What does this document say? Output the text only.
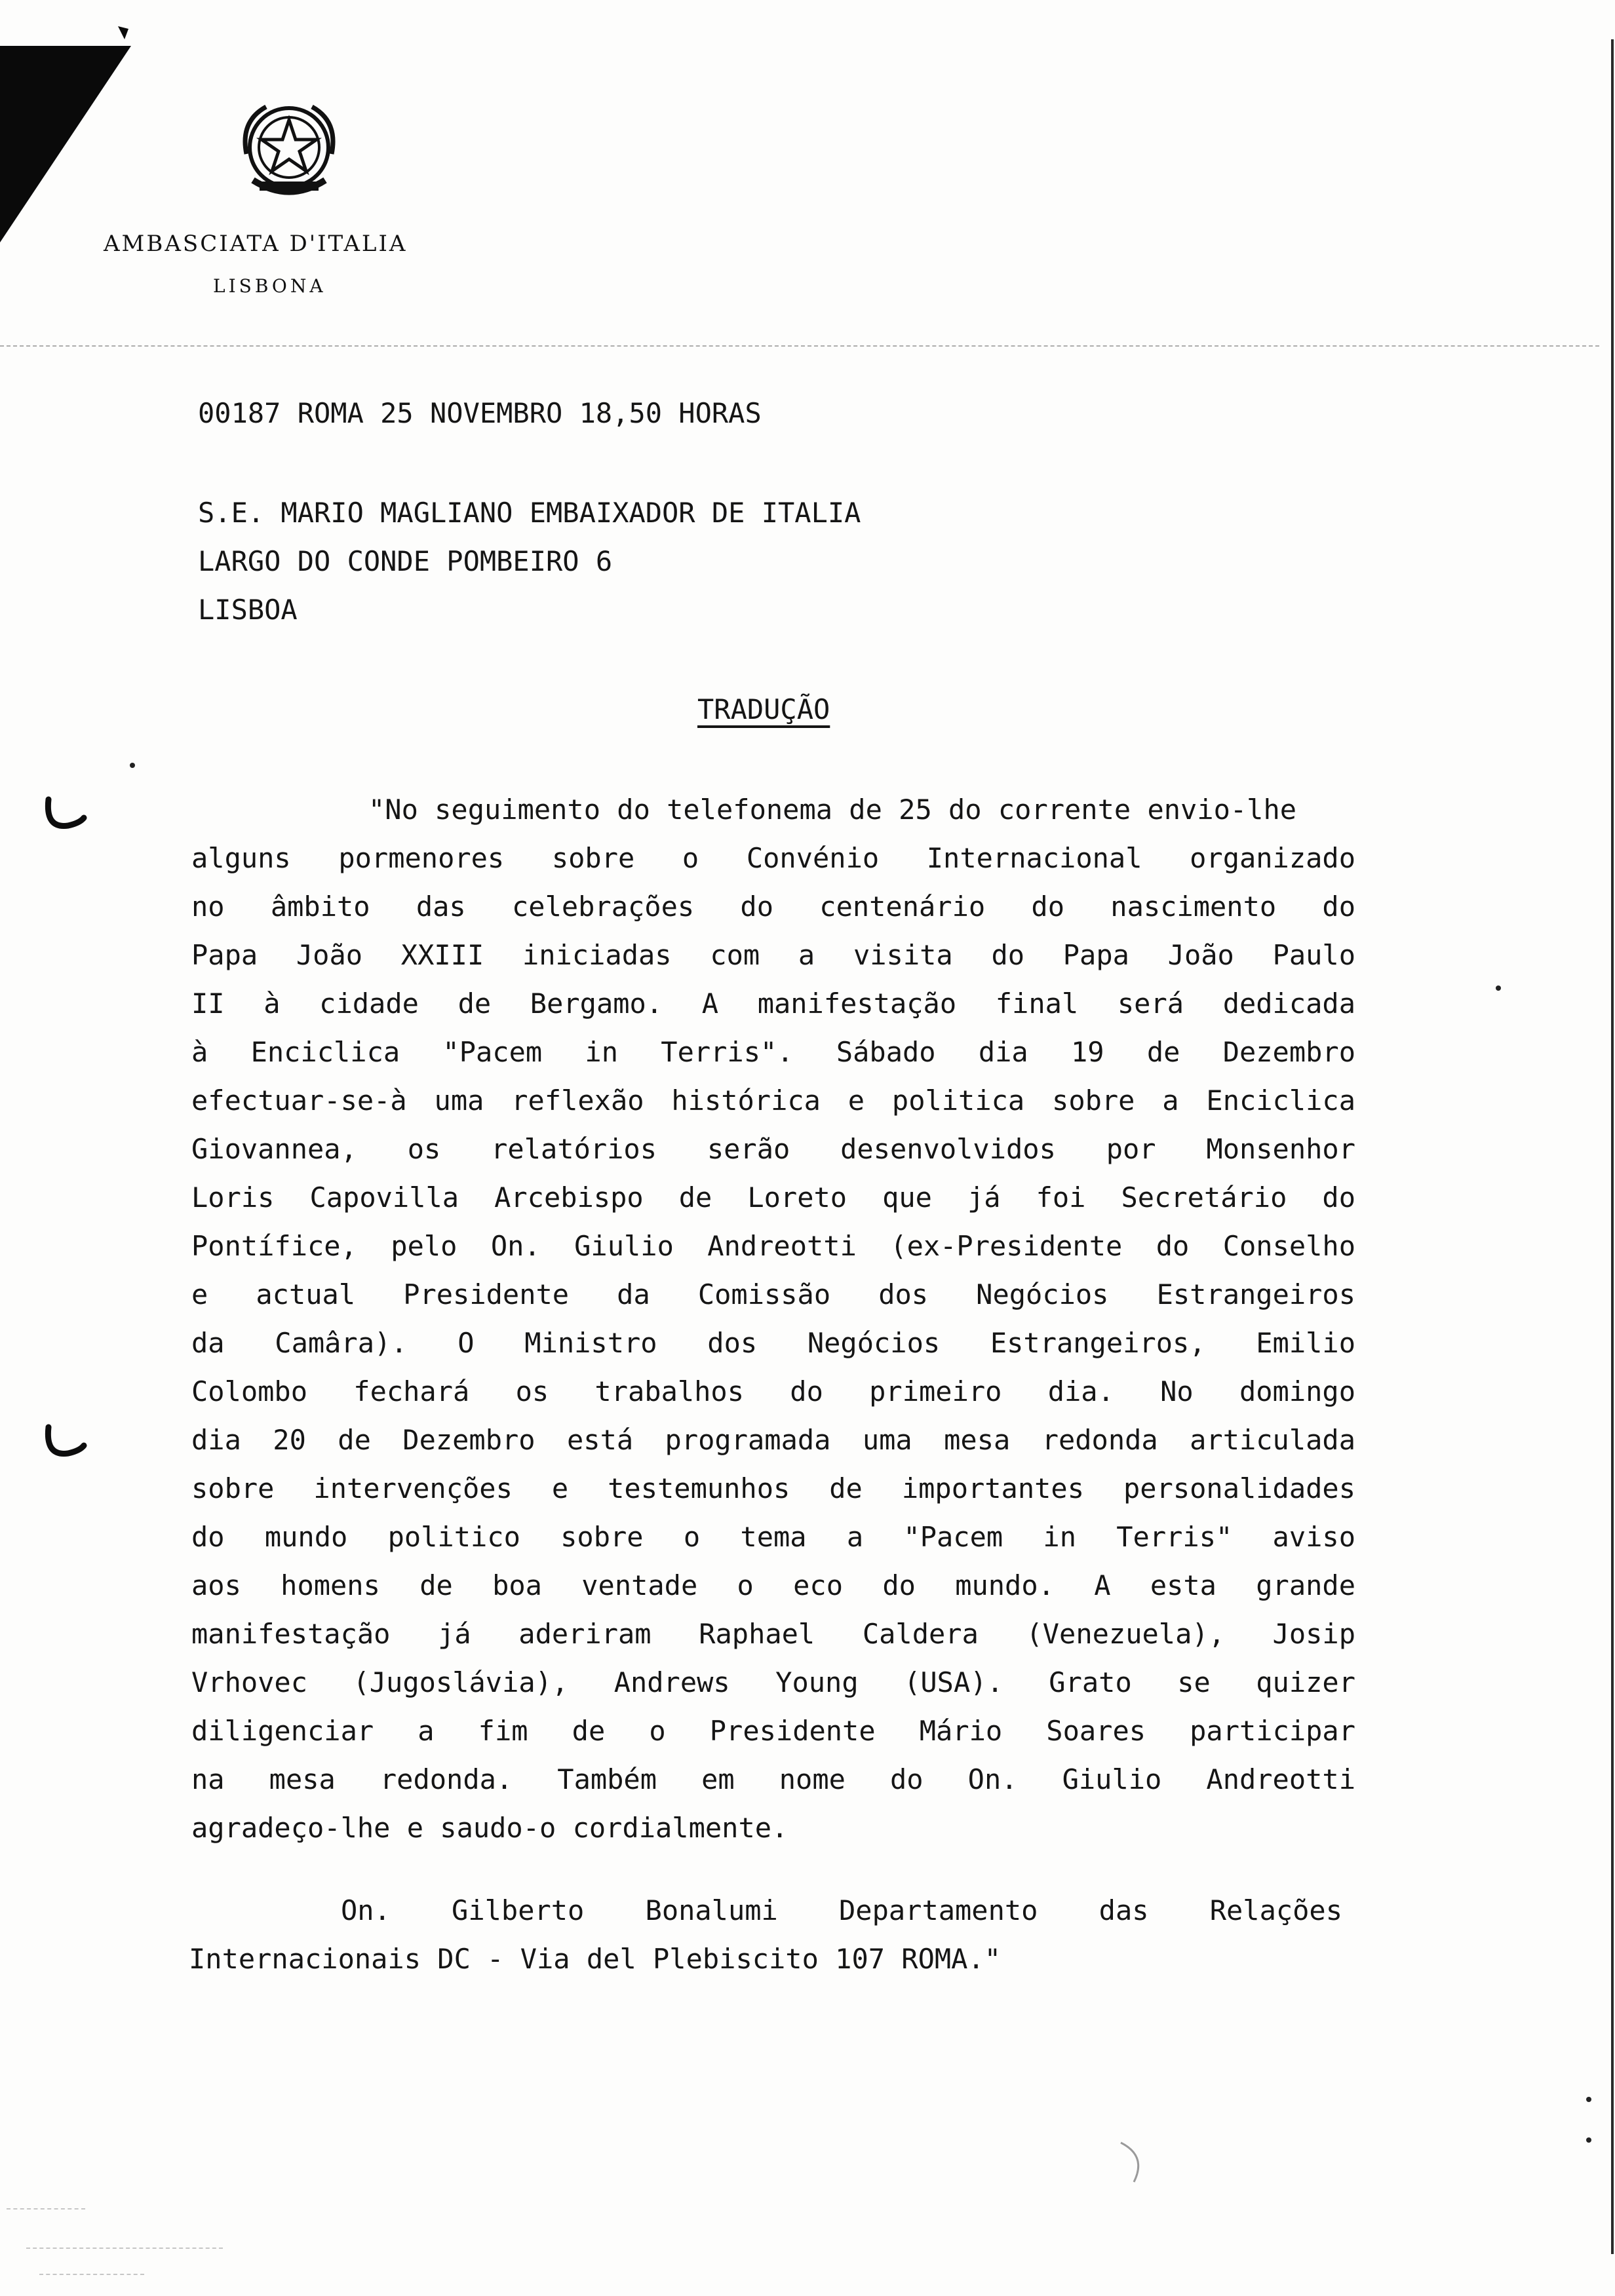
AMBASCIATA D'ITALIA
LISBONA
00187 ROMA 25 NOVEMBRO 18,50 HORAS
S.E. MARIO MAGLIANO EMBAIXADOR DE ITALIA
LARGO DO CONDE POMBEIRO 6
LISBOA
TRADUÇÃO
"No seguimento do telefonema de 25 do corrente envio-lhe
alguns pormenores sobre o Convénio Internacional organizado
no âmbito das celebrações do centenário do nascimento do
Papa João XXIII iniciadas com a visita do Papa João Paulo
II à cidade de Bergamo. A manifestação final será dedicada
à Enciclica "Pacem in Terris". Sábado dia 19 de Dezembro
efectuar-se-à uma reflexão histórica e politica sobre a Enciclica
Giovannea, os relatórios serão desenvolvidos por Monsenhor
Loris Capovilla Arcebispo de Loreto que já foi Secretário do
Pontífice, pelo On. Giulio Andreotti (ex-Presidente do Conselho
e actual Presidente da Comissão dos Negócios Estrangeiros
da Camâra). O Ministro dos Negócios Estrangeiros, Emilio
Colombo fechará os trabalhos do primeiro dia. No domingo
dia 20 de Dezembro está programada uma mesa redonda articulada
sobre intervenções e testemunhos de importantes personalidades
do mundo politico sobre o tema a "Pacem in Terris" aviso
aos homens de boa ventade o eco do mundo. A esta grande
manifestação já aderiram Raphael Caldera (Venezuela), Josip
Vrhovec (Jugoslávia), Andrews Young (USA). Grato se quizer
diligenciar a fim de o Presidente Mário Soares participar
na mesa redonda. Também em nome do On. Giulio Andreotti
agradeço-lhe e saudo-o cordialmente.
On. Gilberto Bonalumi Departamento das Relações
Internacionais DC - Via del Plebiscito 107 ROMA."
